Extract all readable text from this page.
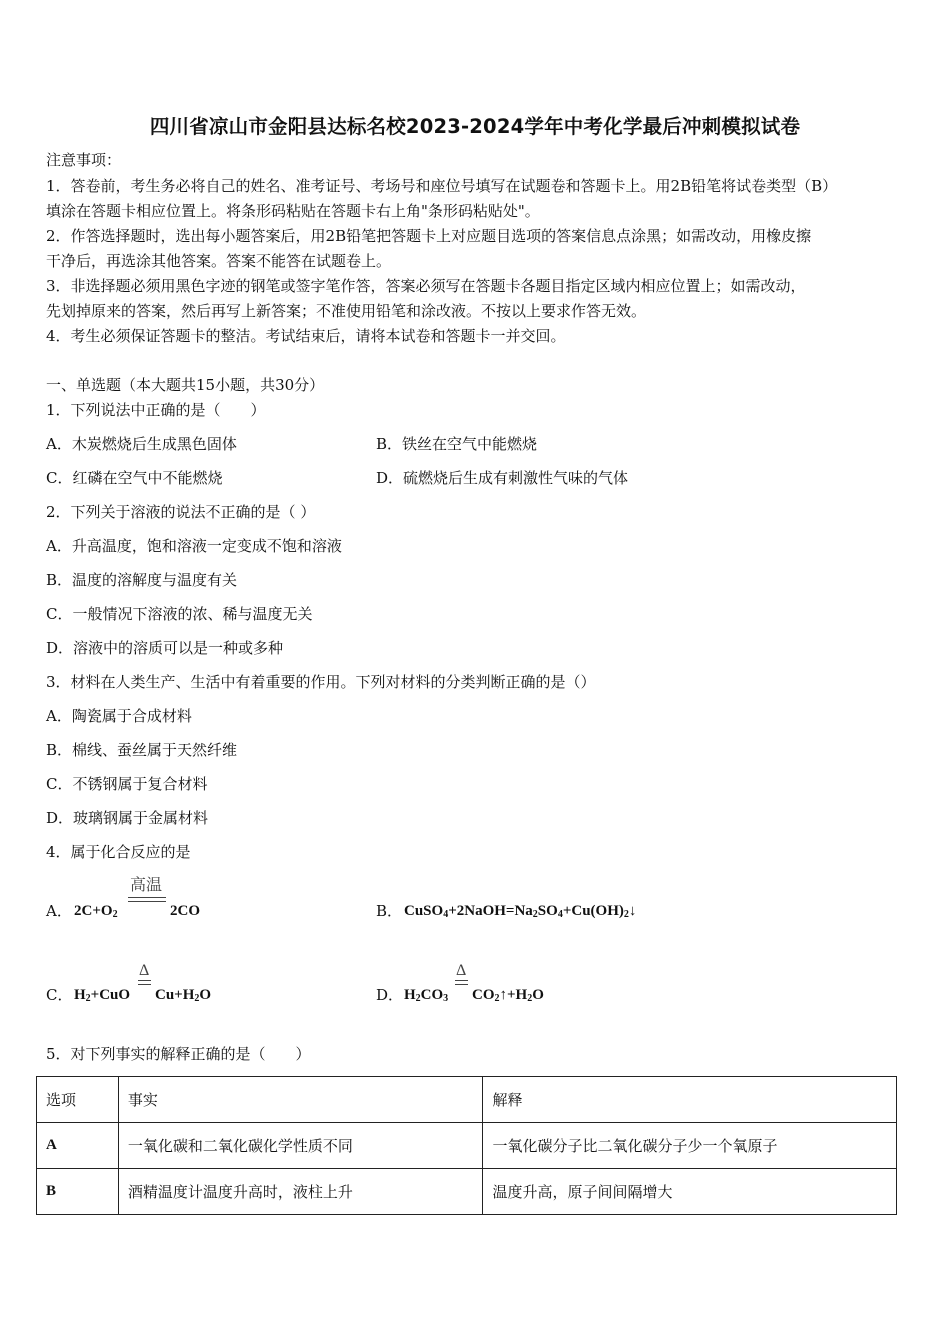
四川省凉山市金阳县达标名校2023-2024学年中考化学最后冲刺模拟试卷
注意事项：
1．答卷前，考生务必将自己的姓名、准考证号、考场号和座位号填写在试题卷和答题卡上。用2B铅笔将试卷类型（B）
填涂在答题卡相应位置上。将条形码粘贴在答题卡右上角"条形码粘贴处"。
2．作答选择题时，选出每小题答案后，用2B铅笔把答题卡上对应题目选项的答案信息点涂黑；如需改动，用橡皮擦
干净后，再选涂其他答案。答案不能答在试题卷上。
3．非选择题必须用黑色字迹的钢笔或签字笔作答，答案必须写在答题卡各题目指定区域内相应位置上；如需改动，
先划掉原来的答案，然后再写上新答案；不准使用铅笔和涂改液。不按以上要求作答无效。
4．考生必须保证答题卡的整洁。考试结束后，请将本试卷和答题卡一并交回。
一、单选题（本大题共15小题，共30分）
1．下列说法中正确的是（　　）
A．木炭燃烧后生成黑色固体	B．铁丝在空气中能燃烧
C．红磷在空气中不能燃烧	D．硫燃烧后生成有刺激性气味的气体
2．下列关于溶液的说法不正确的是（ ）
A．升高温度，饱和溶液一定变成不饱和溶液
B．温度的溶解度与温度有关
C．一般情况下溶液的浓、稀与温度无关
D．溶液中的溶质可以是一种或多种
3．材料在人类生产、生活中有着重要的作用。下列对材料的分类判断正确的是（）
A．陶瓷属于合成材料
B．棉线、蚕丝属于天然纤维
C．不锈钢属于复合材料
D．玻璃钢属于金属材料
4．属于化合反应的是
A． $2C+O_2$
高温
2CO	B． $CuSO_4+2NaOH=Na_2SO_4+Cu(OH)_2↓$
C． $H_2+CuO$
Δ
$Cu+H_2O$	D． $H_2CO_3$
Δ
$CO_2↑+H_2O$
5．对下列事实的解释正确的是（　　）
选项	事实	解释
A	一氧化碳和二氧化碳化学性质不同	一氧化碳分子比二氧化碳分子少一个氧原子
B	酒精温度计温度升高时，液柱上升	温度升高，原子间间隔增大
